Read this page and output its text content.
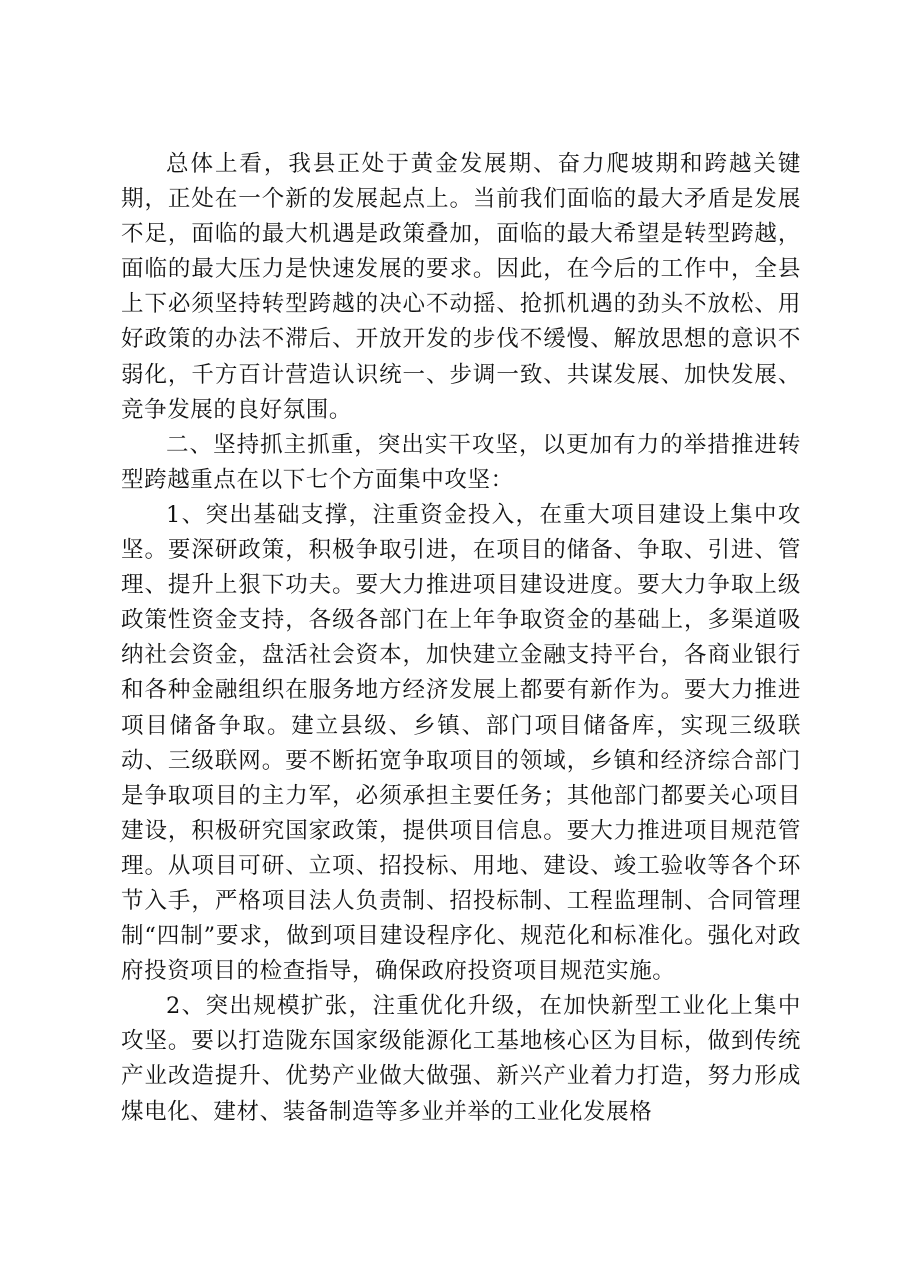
总体上看，我县正处于黄金发展期、奋力爬坡期和跨越关键期，正处在一个新的发展起点上。当前我们面临的最大矛盾是发展不足，面临的最大机遇是政策叠加，面临的最大希望是转型跨越，面临的最大压力是快速发展的要求。因此，在今后的工作中，全县上下必须坚持转型跨越的决心不动摇、抢抓机遇的劲头不放松、用好政策的办法不滞后、开放开发的步伐不缓慢、解放思想的意识不弱化，千方百计营造认识统一、步调一致、共谋发展、加快发展、竞争发展的良好氛围。

二、坚持抓主抓重，突出实干攻坚，以更加有力的举措推进转型跨越重点在以下七个方面集中攻坚：

1、突出基础支撑，注重资金投入，在重大项目建设上集中攻坚。要深研政策，积极争取引进，在项目的储备、争取、引进、管理、提升上狠下功夫。要大力推进项目建设进度。要大力争取上级政策性资金支持，各级各部门在上年争取资金的基础上，多渠道吸纳社会资金，盘活社会资本，加快建立金融支持平台，各商业银行和各种金融组织在服务地方经济发展上都要有新作为。要大力推进项目储备争取。建立县级、乡镇、部门项目储备库，实现三级联动、三级联网。要不断拓宽争取项目的领域，乡镇和经济综合部门是争取项目的主力军，必须承担主要任务；其他部门都要关心项目建设，积极研究国家政策，提供项目信息。要大力推进项目规范管理。从项目可研、立项、招投标、用地、建设、竣工验收等各个环节入手，严格项目法人负责制、招投标制、工程监理制、合同管理制“四制”要求，做到项目建设程序化、规范化和标准化。强化对政府投资项目的检查指导，确保政府投资项目规范实施。

2、突出规模扩张，注重优化升级，在加快新型工业化上集中攻坚。要以打造陇东国家级能源化工基地核心区为目标，做到传统产业改造提升、优势产业做大做强、新兴产业着力打造，努力形成煤电化、建材、装备制造等多业并举的工业化发展格
